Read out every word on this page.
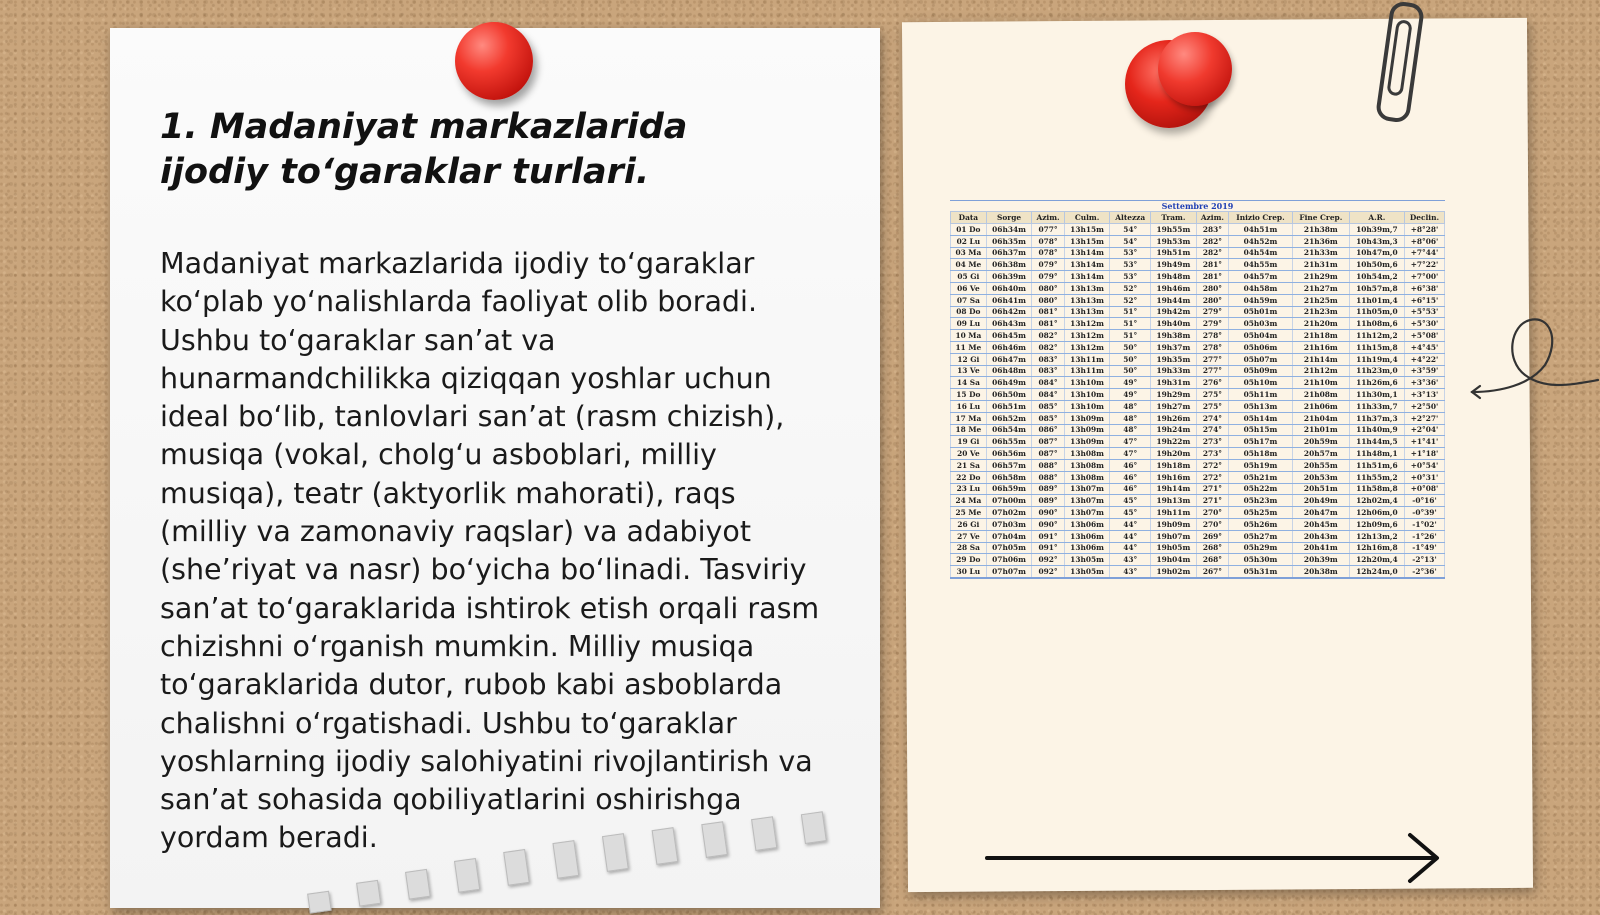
1. Madaniyat markazlarida ijodiy to‘garaklar turlari.

Madaniyat markazlarida ijodiy to‘garaklar ko‘plab yo‘nalishlarda faoliyat olib boradi. Ushbu to‘garaklar san’at va hunarmandchilikka qiziqqan yoshlar uchun ideal bo‘lib, tanlovlari san’at (rasm chizish), musiqa (vokal, cholg‘u asboblari, milliy musiqa), teatr (aktyorlik mahorati), raqs (milliy va zamonaviy raqslar) va adabiyot (she’riyat va nasr) bo‘yicha bo‘linadi. Tasviriy san’at to‘garaklarida ishtirok etish orqali rasm chizishni o‘rganish mumkin. Milliy musiqa to‘garaklarida dutor, rubob kabi asboblarda chalishni o‘rgatishadi. Ushbu to‘garaklar yoshlarning ijodiy salohiyatini rivojlantirish va san’at sohasida qobiliyatlarini oshirishga yordam beradi.

Settembre 2019
Data	Sorge	Azim.	Culm.	Altezza	Tram.	Azim.	Inizio Crep.	Fine Crep.	A.R.	Declin.
01 Do	06h34m	077°	13h15m	54°	19h55m	283°	04h51m	21h38m	10h39m,7	+8°28'
02 Lu	06h35m	078°	13h15m	54°	19h53m	282°	04h52m	21h36m	10h43m,3	+8°06'
03 Ma	06h37m	078°	13h14m	53°	19h51m	282°	04h54m	21h33m	10h47m,0	+7°44'
04 Me	06h38m	079°	13h14m	53°	19h49m	281°	04h55m	21h31m	10h50m,6	+7°22'
05 Gi	06h39m	079°	13h14m	53°	19h48m	281°	04h57m	21h29m	10h54m,2	+7°00'
06 Ve	06h40m	080°	13h13m	52°	19h46m	280°	04h58m	21h27m	10h57m,8	+6°38'
07 Sa	06h41m	080°	13h13m	52°	19h44m	280°	04h59m	21h25m	11h01m,4	+6°15'
08 Do	06h42m	081°	13h13m	51°	19h42m	279°	05h01m	21h23m	11h05m,0	+5°53'
09 Lu	06h43m	081°	13h12m	51°	19h40m	279°	05h03m	21h20m	11h08m,6	+5°30'
10 Ma	06h45m	082°	13h12m	51°	19h38m	278°	05h04m	21h18m	11h12m,2	+5°08'
11 Me	06h46m	082°	13h12m	50°	19h37m	278°	05h06m	21h16m	11h15m,8	+4°45'
12 Gi	06h47m	083°	13h11m	50°	19h35m	277°	05h07m	21h14m	11h19m,4	+4°22'
13 Ve	06h48m	083°	13h11m	50°	19h33m	277°	05h09m	21h12m	11h23m,0	+3°59'
14 Sa	06h49m	084°	13h10m	49°	19h31m	276°	05h10m	21h10m	11h26m,6	+3°36'
15 Do	06h50m	084°	13h10m	49°	19h29m	275°	05h11m	21h08m	11h30m,1	+3°13'
16 Lu	06h51m	085°	13h10m	48°	19h27m	275°	05h13m	21h06m	11h33m,7	+2°50'
17 Ma	06h52m	085°	13h09m	48°	19h26m	274°	05h14m	21h04m	11h37m,3	+2°27'
18 Me	06h54m	086°	13h09m	48°	19h24m	274°	05h15m	21h01m	11h40m,9	+2°04'
19 Gi	06h55m	087°	13h09m	47°	19h22m	273°	05h17m	20h59m	11h44m,5	+1°41'
20 Ve	06h56m	087°	13h08m	47°	19h20m	273°	05h18m	20h57m	11h48m,1	+1°18'
21 Sa	06h57m	088°	13h08m	46°	19h18m	272°	05h19m	20h55m	11h51m,6	+0°54'
22 Do	06h58m	088°	13h08m	46°	19h16m	272°	05h21m	20h53m	11h55m,2	+0°31'
23 Lu	06h59m	089°	13h07m	46°	19h14m	271°	05h22m	20h51m	11h58m,8	+0°08'
24 Ma	07h00m	089°	13h07m	45°	19h13m	271°	05h23m	20h49m	12h02m,4	-0°16'
25 Me	07h02m	090°	13h07m	45°	19h11m	270°	05h25m	20h47m	12h06m,0	-0°39'
26 Gi	07h03m	090°	13h06m	44°	19h09m	270°	05h26m	20h45m	12h09m,6	-1°02'
27 Ve	07h04m	091°	13h06m	44°	19h07m	269°	05h27m	20h43m	12h13m,2	-1°26'
28 Sa	07h05m	091°	13h06m	44°	19h05m	268°	05h29m	20h41m	12h16m,8	-1°49'
29 Do	07h06m	092°	13h05m	43°	19h04m	268°	05h30m	20h39m	12h20m,4	-2°13'
30 Lu	07h07m	092°	13h05m	43°	19h02m	267°	05h31m	20h38m	12h24m,0	-2°36'
